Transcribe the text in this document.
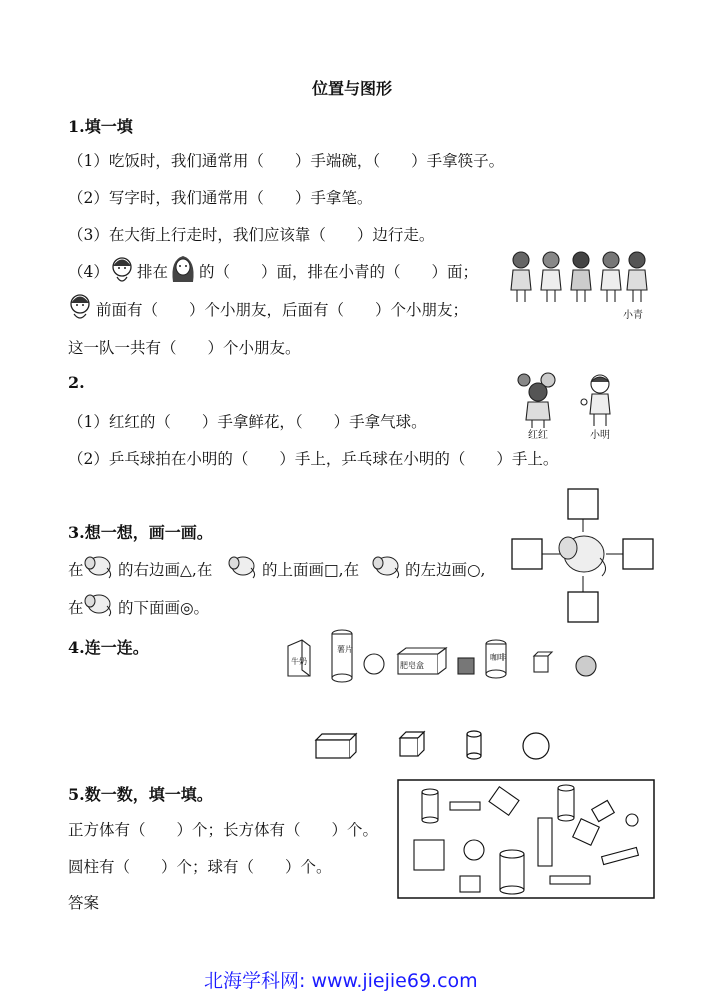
位置与图形
1.填一填
（1）吃饭时，我们通常用（　　）手端碗，（　　）手拿筷子。
（2）写字时，我们通常用（　　）手拿笔。
（3）在大街上行走时，我们应该靠（　　）边行走。
（4） 排在 的（　　）面，排在小青的（　　）面；
前面有（　　）个小朋友，后面有（　　）个小朋友；
这一队一共有（　　）个小朋友。
小青
2.
（1）红红的（　　）手拿鲜花，（　　）手拿气球。
（2）乒乓球拍在小明的（　　）手上，乒乓球在小明的（　　）手上。
红红	小明
3.想一想，画一画。
在 的右边画△,在	的上面画□,在	的左边画○,
在 的下面画◎。
4.连一连。
牛奶
薯片
肥皂盒
咖啡
5.数一数，填一填。
正方体有（　　）个；长方体有（　　）个。
圆柱有（　　）个；球有（　　）个。
答案
北海学科网: www.jiejie69.com
